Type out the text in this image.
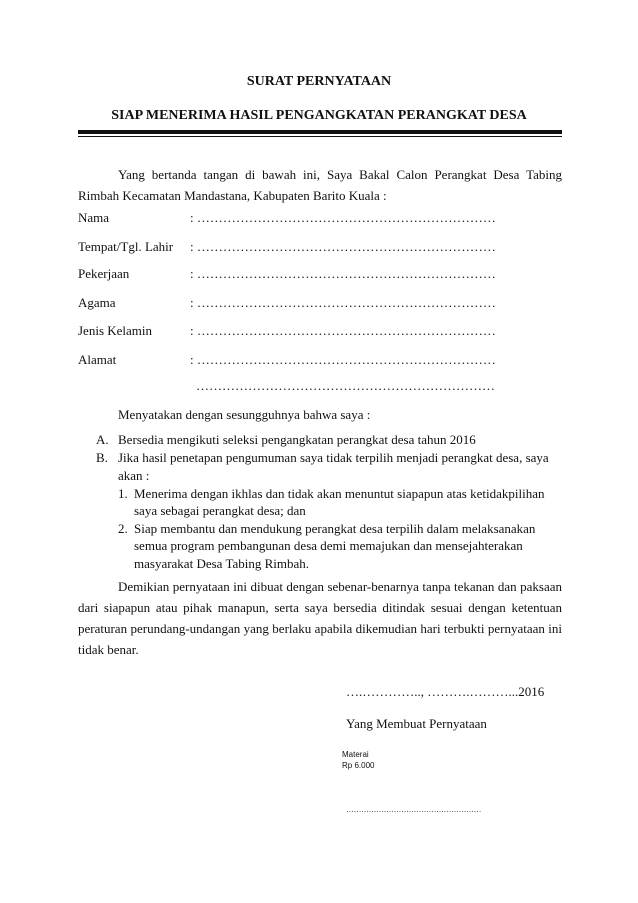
SURAT PERNYATAAN
SIAP MENERIMA HASIL PENGANGKATAN PERANGKAT DESA
Yang bertanda tangan di bawah ini, Saya Bakal Calon Perangkat Desa Tabing Rimbah Kecamatan Mandastana, Kabupaten Barito Kuala :
Nama	: ……………………………………………………………
Tempat/Tgl. Lahir : ……………………………………………………………
Pekerjaan	: ……………………………………………………………
Agama	: ……………………………………………………………
Jenis Kelamin	: ……………………………………………………………
Alamat	: ……………………………………………………………
……………………………………………………………
Menyatakan dengan sesungguhnya bahwa saya :
A. Bersedia mengikuti seleksi pengangkatan perangkat desa tahun 2016
B. Jika hasil penetapan pengumuman saya tidak terpilih menjadi perangkat desa, saya
akan :
1. Menerima dengan ikhlas dan tidak akan menuntut siapapun atas ketidakpilihan
saya sebagai perangkat desa; dan
2. Siap membantu dan mendukung perangkat desa terpilih dalam melaksanakan
semua program pembangunan desa demi memajukan dan mensejahterakan
masyarakat Desa Tabing Rimbah.
Demikian pernyataan ini dibuat dengan sebenar-benarnya tanpa tekanan dan paksaan dari siapapun atau pihak manapun, serta saya bersedia ditindak sesuai dengan ketentuan peraturan perundang-undangan yang berlaku apabila dikemudian hari terbukti pernyataan ini tidak benar.
….………….., ……….………...2016
Yang Membuat Pernyataan
Materai
Rp 6.000
………………………………………………
